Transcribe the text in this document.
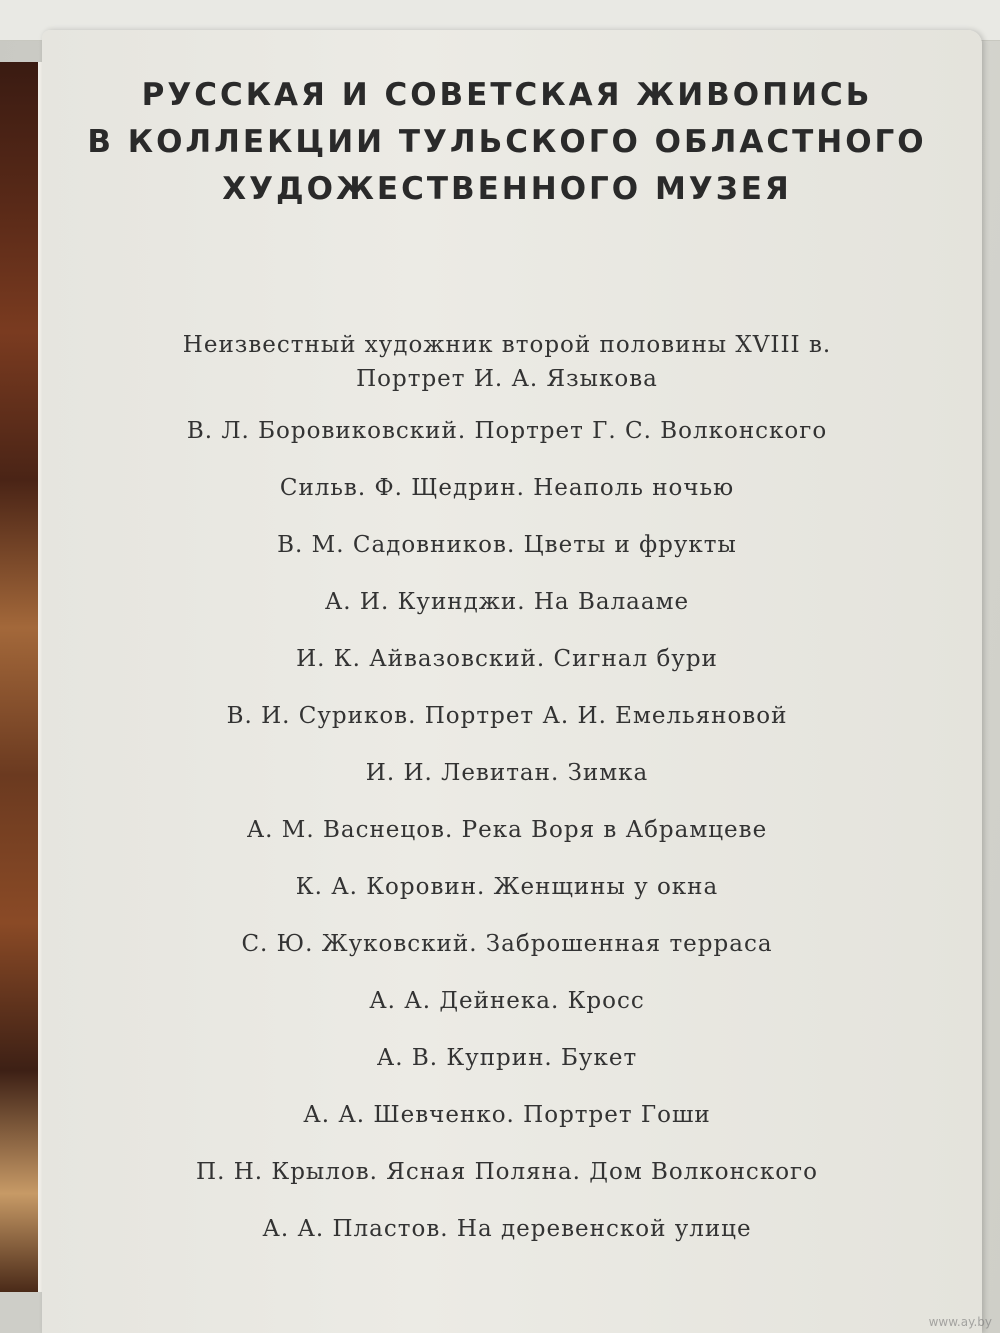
РУССКАЯ И СОВЕТСКАЯ ЖИВОПИСЬ
В КОЛЛЕКЦИИ ТУЛЬСКОГО ОБЛАСТНОГО
ХУДОЖЕСТВЕННОГО МУЗЕЯ
Неизвестный художник второй половины XVIII в.
Портрет И. А. Языкова
В. Л. Боровиковский. Портрет Г. С. Волконского
Сильв. Ф. Щедрин. Неаполь ночью
В. М. Садовников. Цветы и фрукты
А. И. Куинджи. На Валааме
И. К. Айвазовский. Сигнал бури
В. И. Суриков. Портрет А. И. Емельяновой
И. И. Левитан. Зимка
А. М. Васнецов. Река Воря в Абрамцеве
К. А. Коровин. Женщины у окна
С. Ю. Жуковский. Заброшенная терраса
А. А. Дейнека. Кросс
А. В. Куприн. Букет
А. А. Шевченко. Портрет Гоши
П. Н. Крылов. Ясная Поляна. Дом Волконского
А. А. Пластов. На деревенской улице
www.ay.by
